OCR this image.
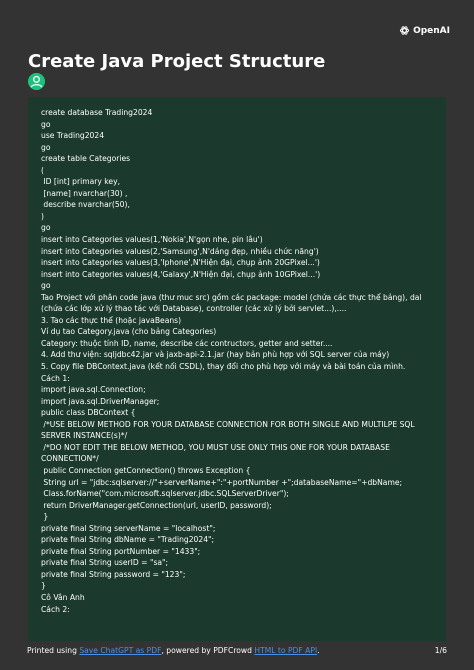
OpenAI
Create Java Project Structure
create database Trading2024
go
use Trading2024
go
create table Categories
(
ID [int] primary key,
[name] nvarchar(30) ,
describe nvarchar(50),
)
go
insert into Categories values(1,'Nokia',N'gọn nhe, pin lâu')
insert into Categories values(2,'Samsung',N'dáng đẹp, nhiều chức năng')
insert into Categories values(3,'Iphone',N'Hiện đại, chụp ảnh 20GPixel...')
insert into Categories values(4,'Galaxy',N'Hiện đại, chụp ảnh 10GPixel...')
go
Tao Project với phân code java (thư muc src) gồm các package: model (chứa các thực thể bảng), dal
(chứa các lớp xử lý thao tác với Database), controller (các xử lý bởi servlet...),....
3. Tao các thực thể (hoặc javaBeans)
Ví dụ tao Category.java (cho bảng Categories)
Category: thuộc tính ID, name, describe các contructors, getter and setter....
4. Add thư viện: sqljdbc42.jar và jaxb-api-2.1.jar (hay bản phù hợp với SQL server của máy)
5. Copy file DBContext.java (kết nối CSDL), thay đổi cho phù hợp với máy và bài toán của mình.
Cách 1:
import java.sql.Connection;
import java.sql.DriverManager;
public class DBContext {
/*USE BELOW METHOD FOR YOUR DATABASE CONNECTION FOR BOTH SINGLE AND MULTILPE SQL SERVER INSTANCE(s)*/
/*DO NOT EDIT THE BELOW METHOD, YOU MUST USE ONLY THIS ONE FOR YOUR DATABASE CONNECTION*/
public Connection getConnection() throws Exception {
String url = "jdbc:sqlserver://"+serverName+":"+portNumber +";databaseName="+dbName;
Class.forName("com.microsoft.sqlserver.jdbc.SQLServerDriver");
return DriverManager.getConnection(url, userID, password);
}
private final String serverName = "localhost";
private final String dbName = "Trading2024";
private final String portNumber = "1433";
private final String userID = "sa";
private final String password = "123";
}
Cô Vân Anh
Cách 2:
Printed using Save ChatGPT as PDF, powered by PDFCrowd HTML to PDF API.	1/6
